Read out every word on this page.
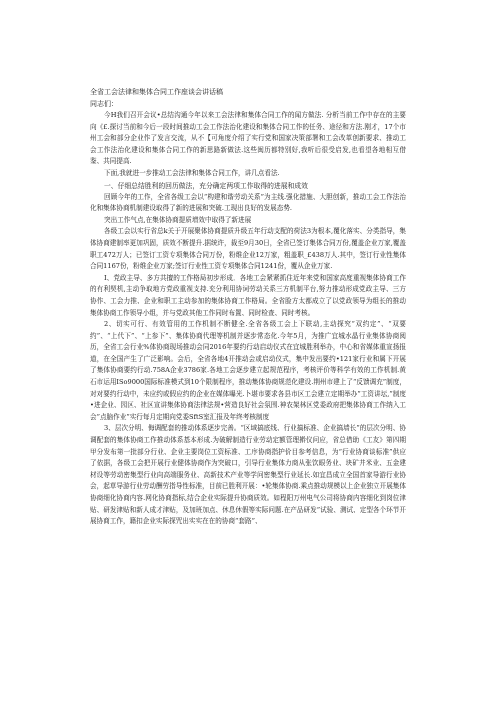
全省工会法律和集体合同工作座谈会讲话稿

同志们：

今H我们召开会议•总结沟通今年以来工会法律和集体合同工作的闻方做法. 分析当前工作中存在的主要向《£.探讨当前和今后一段时间推动工会工作法治化建设和集体合同工作的任务、途径和方法.刚才，17个市州工会和部分企业作了发言交流，从不【可角度介绍了实行党和国家决策部署和工会改革创新要求、推动工会工作法治化建设和集体合同工作的新思路新做法.这些闽历都特別好,我听后很受启发,也看望各地相互借鉴、共同提高.

下面,我就进一步推动工会法律和集体合同工作，讲几点看法.

一、仔细总结胜利的回历做法，充分确定两项工作取得的进展和成效

回顾今年的工作，全省各级工会以“构建和谐劳动关系”为主线.强化措施、大胆创新，推动工会工作法治化和集体协商机制建设取得了新的进展和突破.工现出良好的发展态势.

突出工作气点,在集体协商提质增效中取得了新进展

各级工会以实行省总k关于开展聚体协商提质升级五年行动支配的荷法3为根本,覆化落实、分类指导，集体协商建制率更加巩固，质效不断提升.据统许，裁至9月30日，全省已签订集体合同万份,覆盖企业万家,覆盖职工472万人；已签订工资专项集体合同万份，粉维企业12万家，粗盖职_£438万人.其中，签订行业性集体合同1167份，粉维企业万家;签订行业性工资专项集体合同1241份，覆从企业万家.

I、党政主导、多方共擅的工作格局初步形成．各地工会紧紧抓住近年来党和国家高度重视集体协商工作的有利契机,主动争取地方党政重视支持.充分利用协词劳动关系三方机制平台,努力推动形成党政主导、三方协作、工会力推、企业和职工主动参加的集体协商工作格局。全省脸方太都成立了以党政领导为组长的推动集体协商工作领导小组，并与党政其他工作同时布置、同时检查、同时考核。

2、切实可行、有效管用的工作机制不断健全.全省各级工会上下联动,主动探究“双约定”、“双要约”、“上代下”、“上参下”、集体协商代理等机制并逐步常态化.今年5月，为推广宜城水晶行业集体协商阅历，全省工会行业%体协商现场推动会同2016年要约行动启动仪式在宜城胜利举办，中心和省媒体重宣扬报道，在全国产生了广泛影响。会后，全省各地4开推动会或启动仪式，集中发出要约•121家行业和属下开展了集体协商要约行动.758A企业3786家.各地工会逐步建立起规范程序，考核评价等科学有效的工作机制.黄石市运用ISo9000国际标准模式到10个限制程序，推动集体协商规范化建设.荆州市建上了“反馈调充”制度，对对要约行动中，未应约或假应约的企业在媒体曝光.卜堪市要求各县市区工会建立定期举办”工资讲坛,”制度•进企业、园区、社区宣讲集体协商法律法规•营造良好社会氛围.神农架林区党委政府把集体协商工作纳入工会”点脑作业”实行每月定期向党委SftS室汇报及年终考核制度

3、层次分明、侮调配套的推动体系逐步完善。“区域搞底线、行业搞标准、企业搞墙长”的层次分明、协调配套的集体协商工作推动体系基本形成.为破解制造行业劳动定额管理擀仪问应，省总借助《工友》第四期甲分发布第一批部分行业、企业主要岗位工资标准、工序协商指护价目参考信息，为“行业协商谈标准”供应了依据，各级工会把开展行业健体协商作为突破口，引导行业集体力商从张饮眼务业、块矿井米业、五金建材设等劳动密集型行业向高端服务业、高新技术产业等学问密集型行业延长.如宜昌成立全国首家导游行业协会，起草导游行业劳动酬劳指导性标准，目前已胜利开展：•轮集体协商.乘点推动规模以上企业独立开展集体协商细化协商内容.网化协商指标,结合企业实际提升协商质效。如程阳万州电气公司将协商内容细化到岗位津贴、研发津贴和新人成才津贴，及加班加点、休息休假等实际问题.在产品研发”试验、测试、定型各个环节开展协商工作，籍扣企业实际探咒出实实在在的协商“套路”、
